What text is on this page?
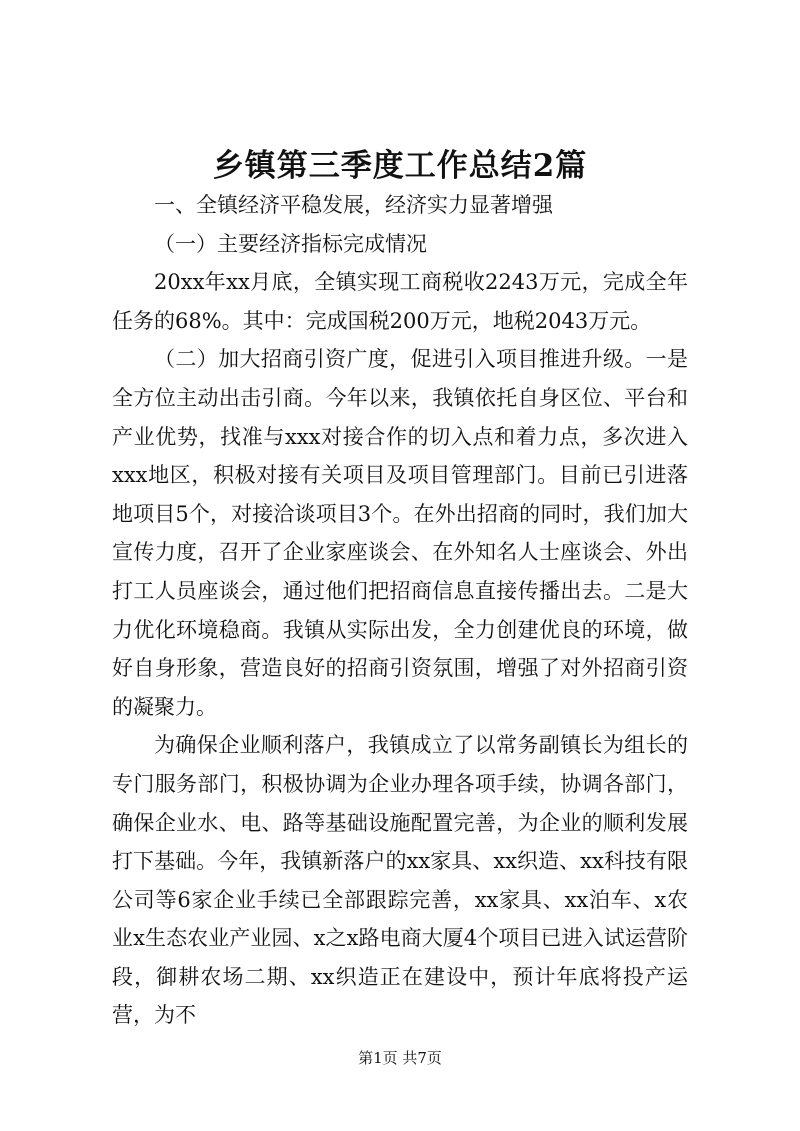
乡镇第三季度工作总结2篇

一、全镇经济平稳发展，经济实力显著增强

（一）主要经济指标完成情况

20xx年xx月底，全镇实现工商税收2243万元，完成全年任务的68%。其中：完成国税200万元，地税2043万元。

（二）加大招商引资广度，促进引入项目推进升级。一是全方位主动出击引商。今年以来，我镇依托自身区位、平台和产业优势，找准与xxx对接合作的切入点和着力点，多次进入xxx地区，积极对接有关项目及项目管理部门。目前已引进落地项目5个，对接洽谈项目3个。在外出招商的同时，我们加大宣传力度，召开了企业家座谈会、在外知名人士座谈会、外出打工人员座谈会，通过他们把招商信息直接传播出去。二是大力优化环境稳商。我镇从实际出发，全力创建优良的环境，做好自身形象，营造良好的招商引资氛围，增强了对外招商引资的凝聚力。

为确保企业顺利落户，我镇成立了以常务副镇长为组长的专门服务部门，积极协调为企业办理各项手续，协调各部门，确保企业水、电、路等基础设施配置完善，为企业的顺利发展打下基础。今年，我镇新落户的xx家具、xx织造、xx科技有限公司等6家企业手续已全部跟踪完善，xx家具、xx泊车、x农业x生态农业产业园、x之x路电商大厦4个项目已进入试运营阶段，御耕农场二期、xx织造正在建设中，预计年底将投产运营，为不

第1页 共7页
